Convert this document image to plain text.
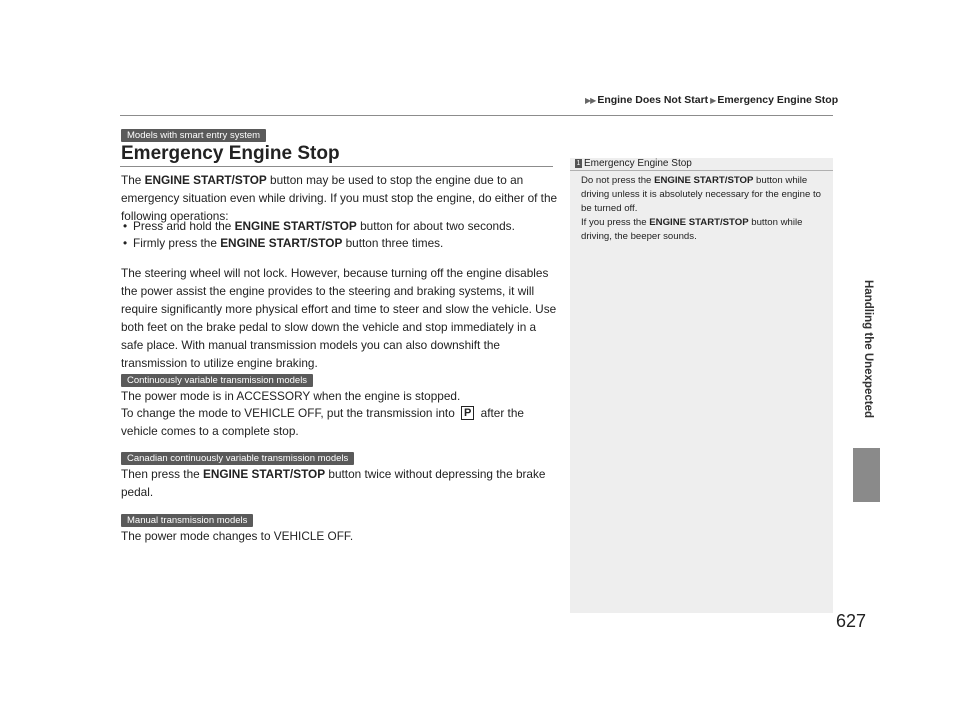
▶▶ Engine Does Not Start ▶ Emergency Engine Stop
Handling the Unexpected
Models with smart entry system
Emergency Engine Stop
The ENGINE START/STOP button may be used to stop the engine due to an emergency situation even while driving. If you must stop the engine, do either of the following operations:
• Press and hold the ENGINE START/STOP button for about two seconds.
• Firmly press the ENGINE START/STOP button three times.
The steering wheel will not lock. However, because turning off the engine disables the power assist the engine provides to the steering and braking systems, it will require significantly more physical effort and time to steer and slow the vehicle. Use both feet on the brake pedal to slow down the vehicle and stop immediately in a safe place. With manual transmission models you can also downshift the transmission to utilize engine braking.
Continuously variable transmission models
The power mode is in ACCESSORY when the engine is stopped.
To change the mode to VEHICLE OFF, put the transmission into P after the vehicle comes to a complete stop.
Canadian continuously variable transmission models
Then press the ENGINE START/STOP button twice without depressing the brake pedal.
Manual transmission models
The power mode changes to VEHICLE OFF.
1 Emergency Engine Stop
Do not press the ENGINE START/STOP button while driving unless it is absolutely necessary for the engine to be turned off.
If you press the ENGINE START/STOP button while driving, the beeper sounds.
627
